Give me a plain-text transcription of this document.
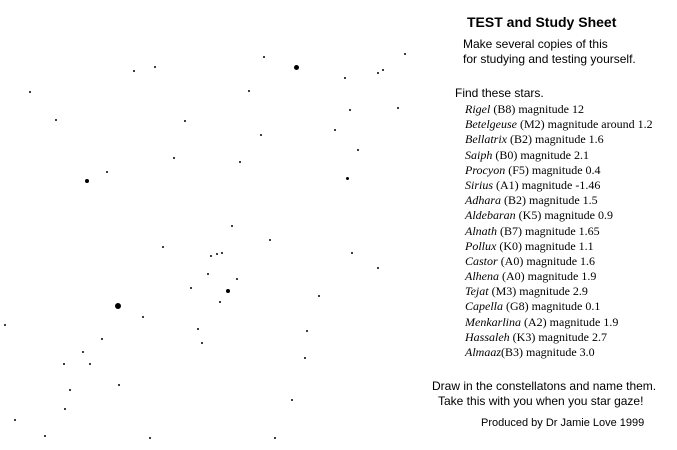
TEST and Study Sheet
Make several copies of this
for studying and testing yourself.
Find these stars.
Rigel (B8) magnitude 12
Betelgeuse (M2) magnitude around 1.2
Bellatrix (B2) magnitude 1.6
Saiph (B0) magnitude 2.1
Procyon (F5) magnitude 0.4
Sirius (A1) magnitude -1.46
Adhara (B2) magnitude 1.5
Aldebaran (K5) magnitude 0.9
Alnath (B7) magnitude 1.65
Pollux (K0) magnitude 1.1
Castor (A0) magnitude 1.6
Alhena (A0) magnitude 1.9
Tejat (M3) magnitude 2.9
Capella (G8) magnitude 0.1
Menkarlina (A2) magnitude 1.9
Hassaleh (K3) magnitude 2.7
Almaaz(B3) magnitude 3.0
Draw in the constellatons and name them.
Take this with you when you star gaze!
Produced by Dr Jamie Love 1999
